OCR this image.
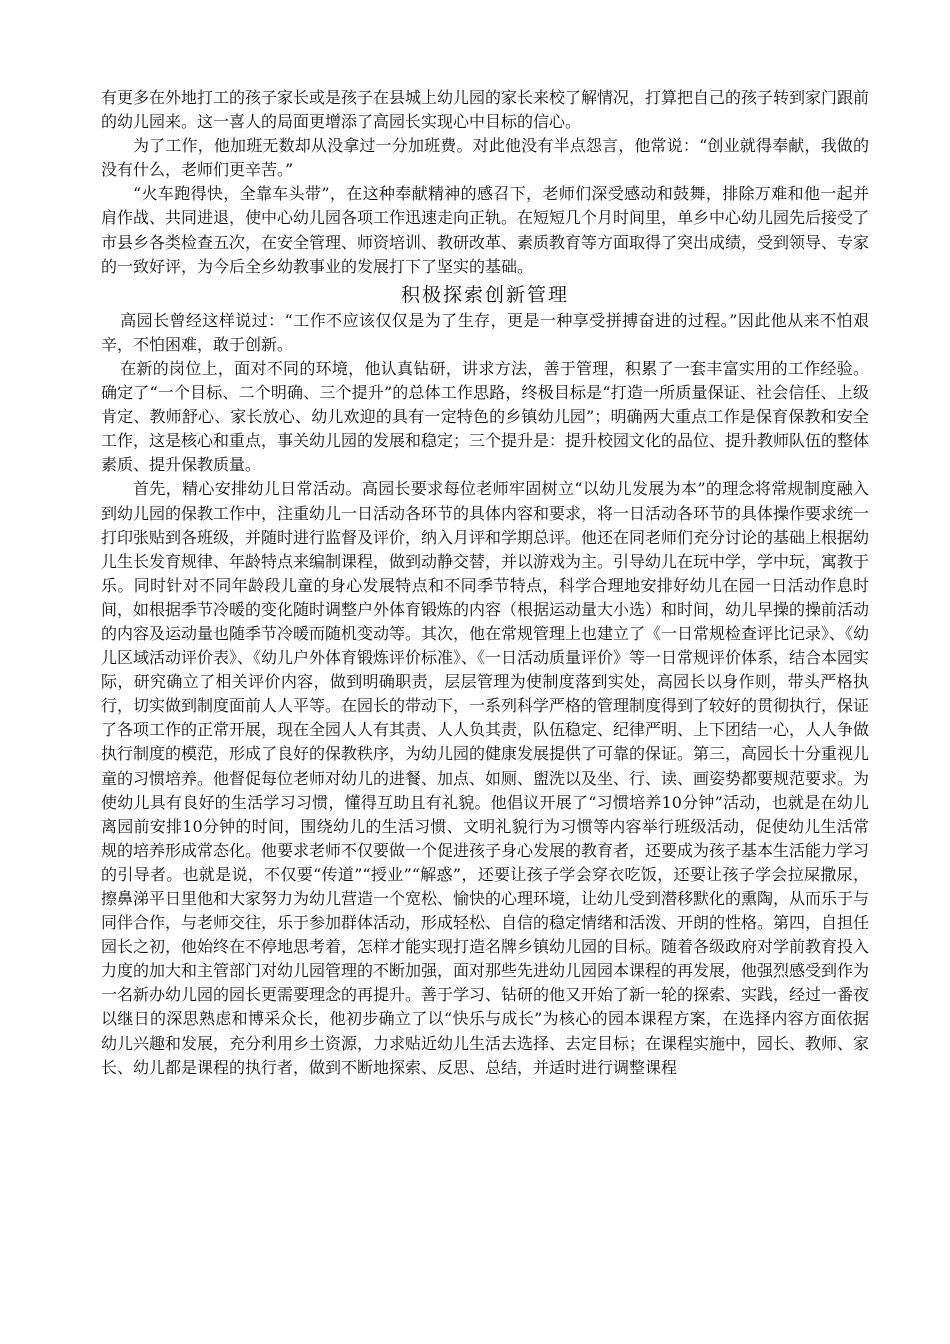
有更多在外地打工的孩子家长或是孩子在县城上幼儿园的家长来校了解情况，打算把自己的孩子转到家门跟前的幼儿园来。这一喜人的局面更增添了高园长实现心中目标的信心。

为了工作，他加班无数却从没拿过一分加班费。对此他没有半点怨言，他常说：“创业就得奉献，我做的没有什么，老师们更辛苦。”

“火车跑得快，全靠车头带”，在这种奉献精神的感召下，老师们深受感动和鼓舞，排除万难和他一起并肩作战、共同进退，使中心幼儿园各项工作迅速走向正轨。在短短几个月时间里，单乡中心幼儿园先后接受了市县乡各类检查五次，在安全管理、师资培训、教研改革、素质教育等方面取得了突出成绩，受到领导、专家的一致好评，为今后全乡幼教事业的发展打下了坚实的基础。

积极探索创新管理

高园长曾经这样说过：“工作不应该仅仅是为了生存，更是一种享受拼搏奋进的过程。”因此他从来不怕艰辛，不怕困难，敢于创新。

在新的岗位上，面对不同的环境，他认真钻研，讲求方法，善于管理，积累了一套丰富实用的工作经验。确定了“一个目标、二个明确、三个提升”的总体工作思路，终极目标是“打造一所质量保证、社会信任、上级肯定、教师舒心、家长放心、幼儿欢迎的具有一定特色的乡镇幼儿园”；明确两大重点工作是保育保教和安全工作，这是核心和重点，事关幼儿园的发展和稳定；三个提升是：提升校园文化的品位、提升教师队伍的整体素质、提升保教质量。

首先，精心安排幼儿日常活动。高园长要求每位老师牢固树立“以幼儿发展为本”的理念将常规制度融入到幼儿园的保教工作中，注重幼儿一日活动各环节的具体内容和要求，将一日活动各环节的具体操作要求统一打印张贴到各班级，并随时进行监督及评价，纳入月评和学期总评。他还在同老师们充分讨论的基础上根据幼儿生长发育规律、年龄特点来编制课程，做到动静交替，并以游戏为主。引导幼儿在玩中学，学中玩，寓教于乐。同时针对不同年龄段儿童的身心发展特点和不同季节特点，科学合理地安排好幼儿在园一日活动作息时间，如根据季节冷暖的变化随时调整户外体育锻炼的内容（根据运动量大小选）和时间，幼儿早操的操前活动的内容及运动量也随季节冷暖而随机变动等。其次，他在常规管理上也建立了《一日常规检查评比记录》、《幼儿区域活动评价表》、《幼儿户外体育锻炼评价标准》、《一日活动质量评价》等一日常规评价体系，结合本园实际，研究确立了相关评价内容，做到明确职责，层层管理为使制度落到实处，高园长以身作则，带头严格执行，切实做到制度面前人人平等。在园长的带动下，一系列科学严格的管理制度得到了较好的贯彻执行，保证了各项工作的正常开展，现在全园人人有其责、人人负其责，队伍稳定、纪律严明、上下团结一心，人人争做执行制度的模范，形成了良好的保教秩序，为幼儿园的健康发展提供了可靠的保证。第三，高园长十分重视儿童的习惯培养。他督促每位老师对幼儿的进餐、加点、如厕、盥洗以及坐、行、读、画姿势都要规范要求。为使幼儿具有良好的生活学习习惯，懂得互助且有礼貌。他倡议开展了“习惯培养10分钟”活动，也就是在幼儿离园前安排10分钟的时间，围绕幼儿的生活习惯、文明礼貌行为习惯等内容举行班级活动，促使幼儿生活常规的培养形成常态化。他要求老师不仅要做一个促进孩子身心发展的教育者，还要成为孩子基本生活能力学习的引导者。也就是说，不仅要“传道”“授业”“解惑”，还要让孩子学会穿衣吃饭，还要让孩子学会拉屎撒尿，擦鼻涕平日里他和大家努力为幼儿营造一个宽松、愉快的心理环境，让幼儿受到潜移默化的熏陶，从而乐于与同伴合作，与老师交往，乐于参加群体活动，形成轻松、自信的稳定情绪和活泼、开朗的性格。第四，自担任园长之初，他始终在不停地思考着，怎样才能实现打造名牌乡镇幼儿园的目标。随着各级政府对学前教育投入力度的加大和主管部门对幼儿园管理的不断加强，面对那些先进幼儿园园本课程的再发展，他强烈感受到作为一名新办幼儿园的园长更需要理念的再提升。善于学习、钻研的他又开始了新一轮的探索、实践，经过一番夜以继日的深思熟虑和博采众长，他初步确立了以“快乐与成长”为核心的园本课程方案，在选择内容方面依据幼儿兴趣和发展，充分利用乡土资源，力求贴近幼儿生活去选择、去定目标；在课程实施中，园长、教师、家长、幼儿都是课程的执行者，做到不断地探索、反思、总结，并适时进行调整课程
